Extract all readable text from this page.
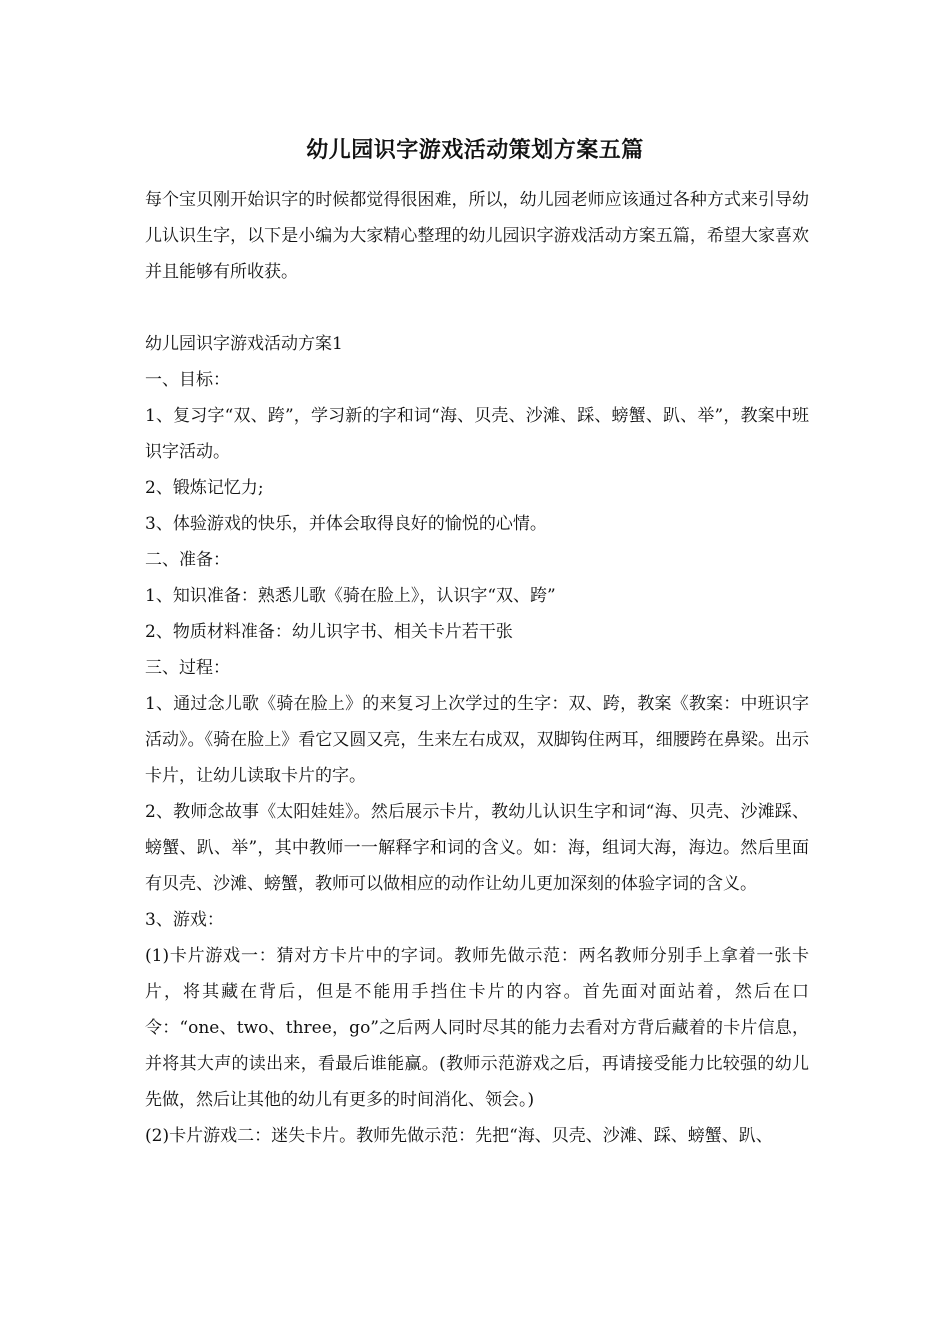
幼儿园识字游戏活动策划方案五篇

每个宝贝刚开始识字的时候都觉得很困难，所以，幼儿园老师应该通过各种方式来引导幼儿认识生字，以下是小编为大家精心整理的幼儿园识字游戏活动方案五篇，希望大家喜欢并且能够有所收获。

幼儿园识字游戏活动方案1

一、目标：

1、复习字“双、跨”，学习新的字和词“海、贝壳、沙滩、踩、螃蟹、趴、举”，教案中班识字活动。

2、锻炼记忆力;

3、体验游戏的快乐，并体会取得良好的愉悦的心情。

二、准备：

1、知识准备：熟悉儿歌《骑在脸上》，认识字“双、跨”

2、物质材料准备：幼儿识字书、相关卡片若干张

三、过程：

1、通过念儿歌《骑在脸上》的来复习上次学过的生字：双、跨，教案《教案：中班识字活动》。《骑在脸上》看它又圆又亮，生来左右成双，双脚钩住两耳，细腰跨在鼻梁。出示卡片，让幼儿读取卡片的字。

2、教师念故事《太阳娃娃》。然后展示卡片，教幼儿认识生字和词“海、贝壳、沙滩踩、螃蟹、趴、举”，其中教师一一解释字和词的含义。如：海，组词大海，海边。然后里面有贝壳、沙滩、螃蟹，教师可以做相应的动作让幼儿更加深刻的体验字词的含义。

3、游戏：

(1)卡片游戏一：猜对方卡片中的字词。教师先做示范：两名教师分别手上拿着一张卡片，将其藏在背后，但是不能用手挡住卡片的内容。首先面对面站着，然后在口令：“one、two、three，go”之后两人同时尽其的能力去看对方背后藏着的卡片信息，并将其大声的读出来，看最后谁能赢。(教师示范游戏之后，再请接受能力比较强的幼儿先做，然后让其他的幼儿有更多的时间消化、领会。)

(2)卡片游戏二：迷失卡片。教师先做示范：先把“海、贝壳、沙滩、踩、螃蟹、趴、
